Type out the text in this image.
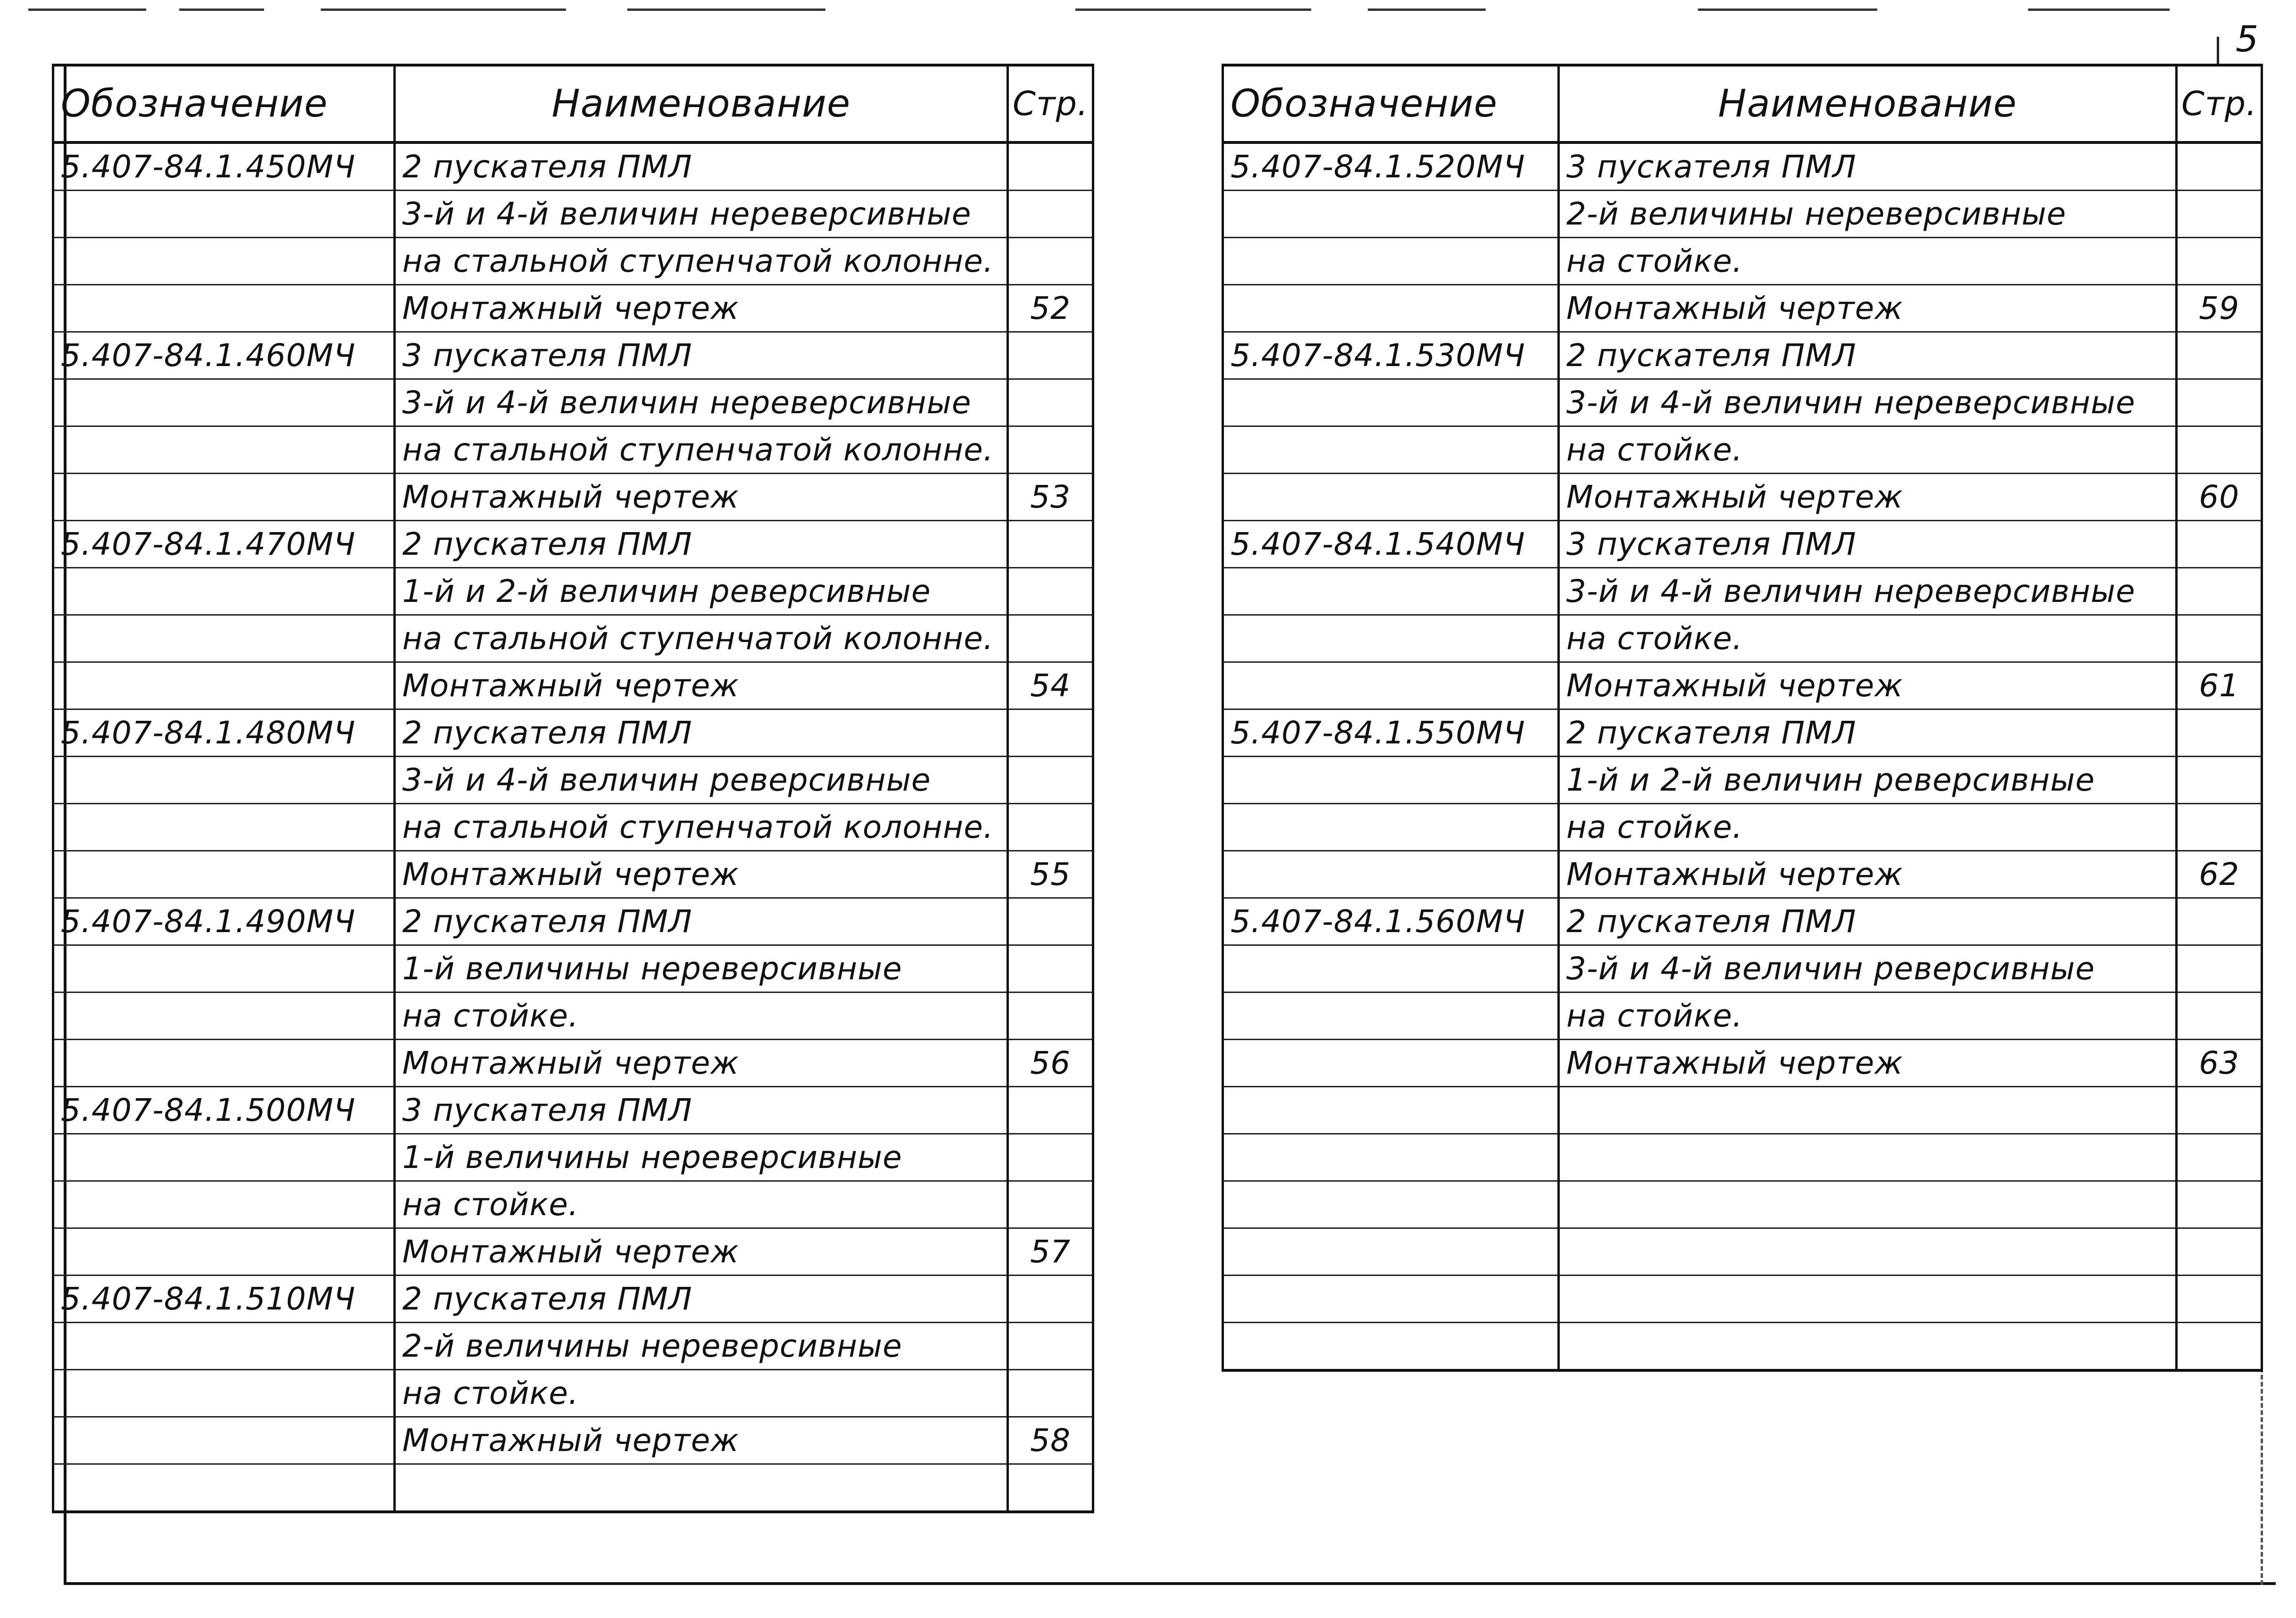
5
Обозначение	Наименование	Стр.
5.407-84.1.450МЧ	2 пускателя ПМЛ	
	3-й и 4-й величин нереверсивные	
	на стальной ступенчатой колонне.	
	Монтажный чертеж	52
5.407-84.1.460МЧ	3 пускателя ПМЛ	
	3-й и 4-й величин нереверсивные	
	на стальной ступенчатой колонне.	
	Монтажный чертеж	53
5.407-84.1.470МЧ	2 пускателя ПМЛ	
	1-й и 2-й величин реверсивные	
	на стальной ступенчатой колонне.	
	Монтажный чертеж	54
5.407-84.1.480МЧ	2 пускателя ПМЛ	
	3-й и 4-й величин реверсивные	
	на стальной ступенчатой колонне.	
	Монтажный чертеж	55
5.407-84.1.490МЧ	2 пускателя ПМЛ	
	1-й величины нереверсивные	
	на стойке.	
	Монтажный чертеж	56
5.407-84.1.500МЧ	3 пускателя ПМЛ	
	1-й величины нереверсивные	
	на стойке.	
	Монтажный чертеж	57
5.407-84.1.510МЧ	2 пускателя ПМЛ	
	2-й величины нереверсивные	
	на стойке.	
	Монтажный чертеж	58

Обозначение	Наименование	Стр.
5.407-84.1.520МЧ	3 пускателя ПМЛ	
	2-й величины нереверсивные	
	на стойке.	
	Монтажный чертеж	59
5.407-84.1.530МЧ	2 пускателя ПМЛ	
	3-й и 4-й величин нереверсивные	
	на стойке.	
	Монтажный чертеж	60
5.407-84.1.540МЧ	3 пускателя ПМЛ	
	3-й и 4-й величин нереверсивные	
	на стойке.	
	Монтажный чертеж	61
5.407-84.1.550МЧ	2 пускателя ПМЛ	
	1-й и 2-й величин реверсивные	
	на стойке.	
	Монтажный чертеж	62
5.407-84.1.560МЧ	2 пускателя ПМЛ	
	3-й и 4-й величин реверсивные	
	на стойке.	
	Монтажный чертеж	63
